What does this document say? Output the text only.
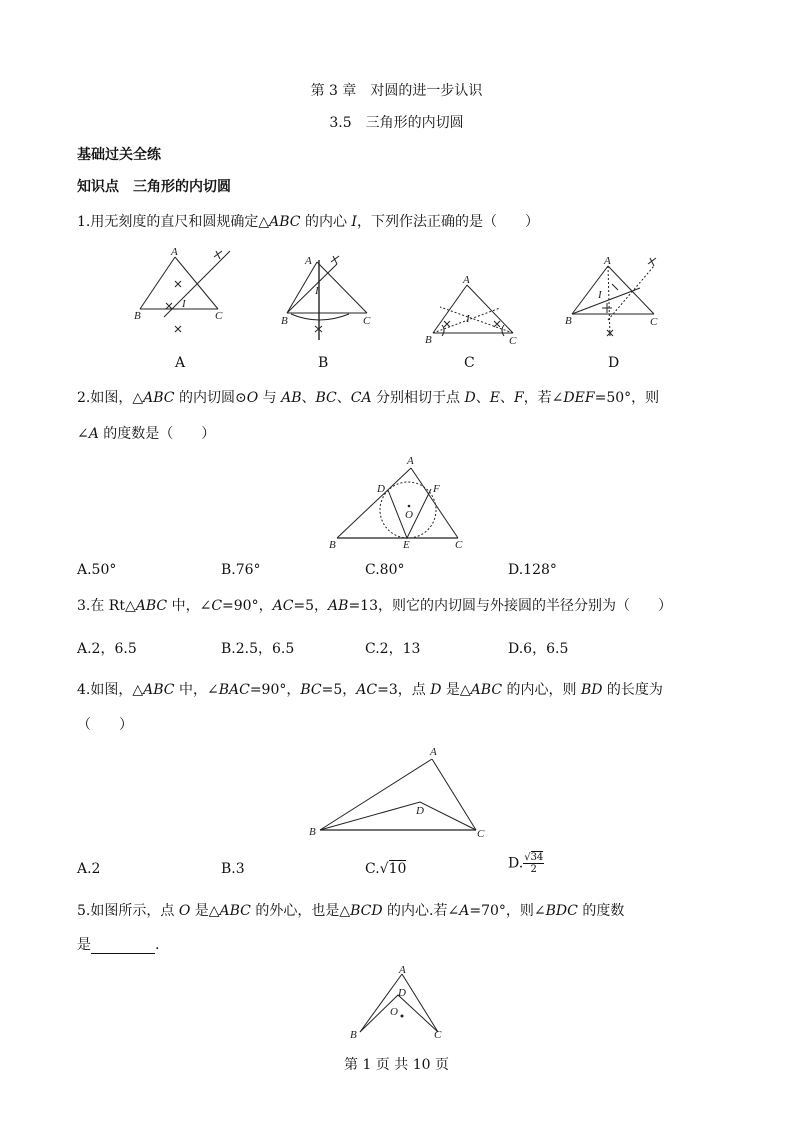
第 3 章　对圆的进一步认识
3.5　三角形的内切圆
基础过关全练
知识点　三角形的内切圆
1.用无刻度的直尺和圆规确定△ABC 的内心 I，下列作法正确的是（　　）
A
B	C
I
A
A
B	C
I
B
A
B	C
I
C
A
B	C
I
D
2.如图，△ABC 的内切圆⊙O 与 AB、BC、CA 分别相切于点 D、E、F，若∠DEF=50°，则
∠A 的度数是（　　）
A
B	C
D
E
F
O
A.50°	B.76°	C.80°	D.128°
3.在 Rt△ABC 中，∠C=90°，AC=5，AB=13，则它的内切圆与外接圆的半径分别为（　　）
A.2，6.5	B.2.5，6.5	C.2，13	D.6，6.5
4.如图，△ABC 中，∠BAC=90°，BC=5，AC=3，点 D 是△ABC 的内心，则 BD 的长度为
（　　）
A
B	C
D
A.2	B.3	C.√10	D. $\frac{√34}{2}$
5.如图所示，点 O 是△ABC 的外心，也是△BCD 的内心.若∠A=70°，则∠BDC 的度数
是	.
A
B	C
D
O
第 1 页 共 10 页
